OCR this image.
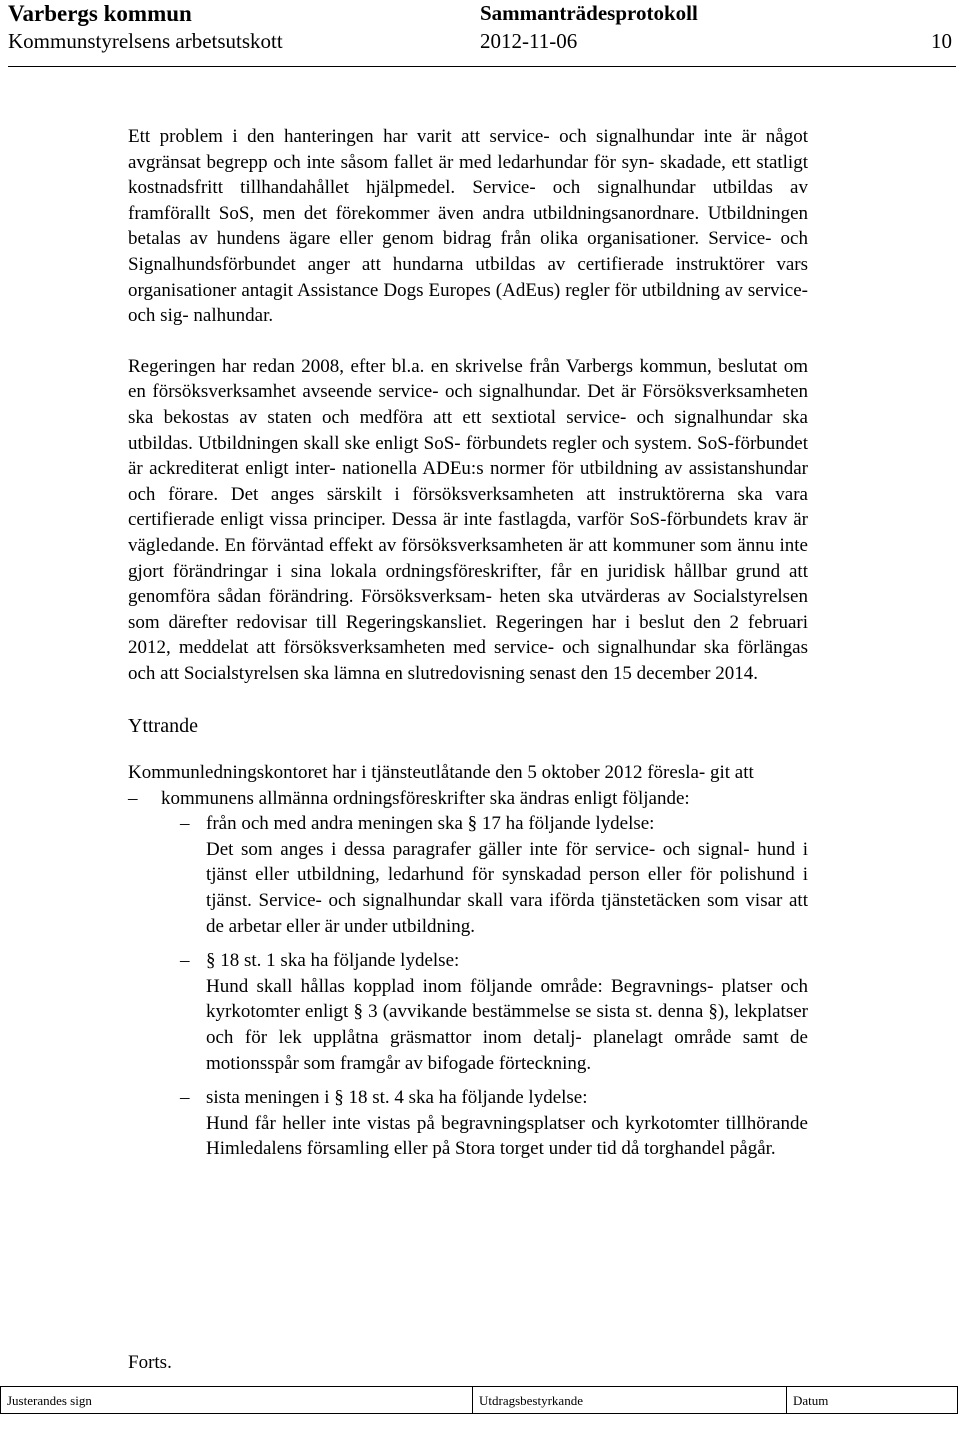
Varbergs kommun	Sammanträdesprotokoll
Kommunstyrelsens arbetsutskott	2012-11-06	10

Ett problem i den hanteringen har varit att service- och signalhundar inte är något avgränsat begrepp och inte såsom fallet är med ledarhundar för syn- skadade, ett statligt kostnadsfritt tillhandahållet hjälpmedel. Service- och signalhundar utbildas av framförallt SoS, men det förekommer även andra utbildningsanordnare. Utbildningen betalas av hundens ägare eller genom bidrag från olika organisationer. Service- och Signalhundsförbundet anger att hundarna utbildas av certifierade instruktörer vars organisationer antagit Assistance Dogs Europes (AdEus) regler för utbildning av service- och sig- nalhundar.

Regeringen har redan 2008, efter bl.a. en skrivelse från Varbergs kommun, beslutat om en försöksverksamhet avseende service- och signalhundar. Det är Försöksverksamheten ska bekostas av staten och medföra att ett sextiotal service- och signalhundar ska utbildas. Utbildningen skall ske enligt SoS- förbundets regler och system. SoS-förbundet är ackrediterat enligt inter- nationella ADEu:s normer för utbildning av assistanshundar och förare. Det anges särskilt i försöksverksamheten att instruktörerna ska vara certifierade enligt vissa principer. Dessa är inte fastlagda, varför SoS-förbundets krav är vägledande. En förväntad effekt av försöksverksamheten är att kommuner som ännu inte gjort förändringar i sina lokala ordningsföreskrifter, får en juridisk hållbar grund att genomföra sådan förändring. Försöksverksam- heten ska utvärderas av Socialstyrelsen som därefter redovisar till Regeringskansliet. Regeringen har i beslut den 2 februari 2012, meddelat att försöksverksamheten med service- och signalhundar ska förlängas och att Socialstyrelsen ska lämna en slutredovisning senast den 15 december 2014.

Yttrande

Kommunledningskontoret har i tjänsteutlåtande den 5 oktober 2012 föresla- git att

– kommunens allmänna ordningsföreskrifter ska ändras enligt följande:
– från och med andra meningen ska § 17 ha följande lydelse:
Det som anges i dessa paragrafer gäller inte för service- och signal- hund i tjänst eller utbildning, ledarhund för synskadad person eller för polishund i tjänst. Service- och signalhundar skall vara iförda tjänstetäcken som visar att de arbetar eller är under utbildning.
– § 18 st. 1 ska ha följande lydelse:
Hund skall hållas kopplad inom följande område: Begravnings- platser och kyrkotomter enligt § 3 (avvikande bestämmelse se sista st. denna §), lekplatser och för lek upplåtna gräsmattor inom detalj- planelagt område samt de motionsspår som framgår av bifogade förteckning.
– sista meningen i § 18 st. 4 ska ha följande lydelse:
Hund får heller inte vistas på begravningsplatser och kyrkotomter tillhörande Himledalens församling eller på Stora torget under tid då torghandel pågår.
Forts.
Justerandes sign	Utdragsbestyrkande	Datum
